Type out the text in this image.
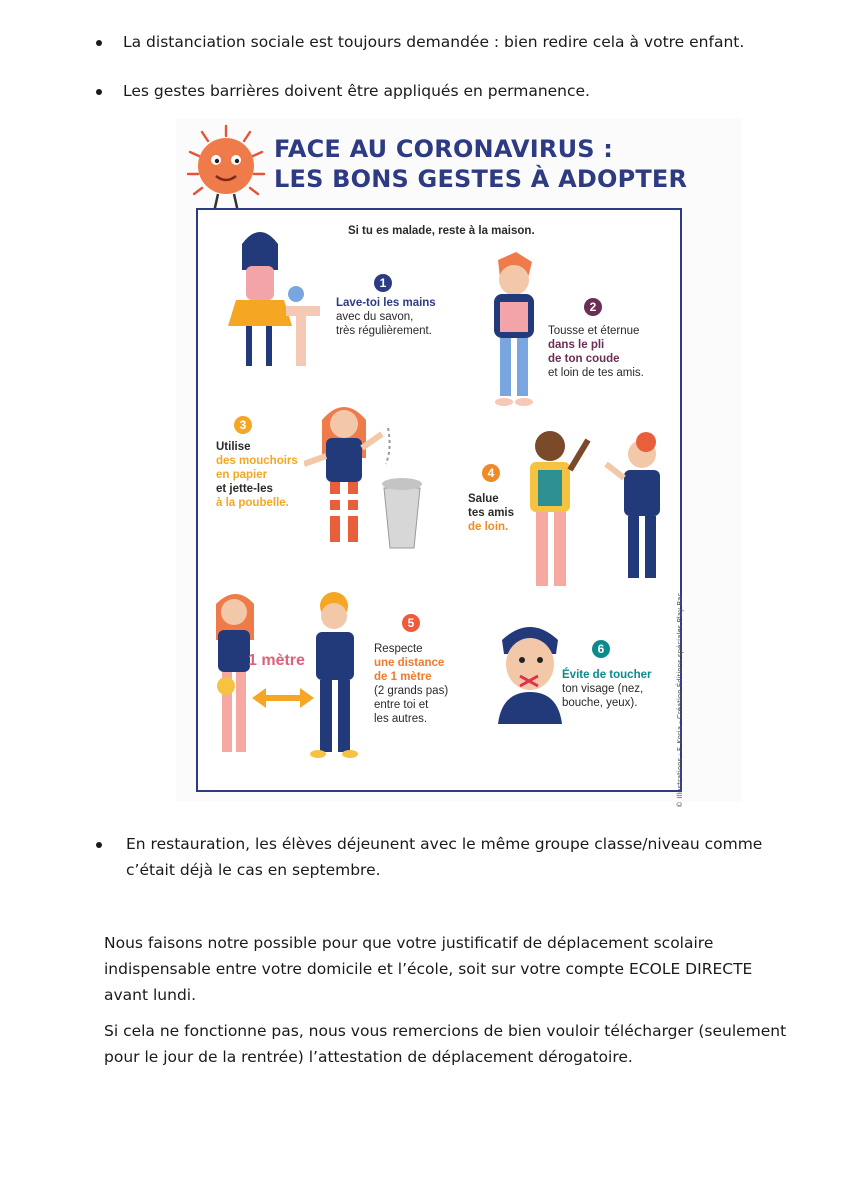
La distanciation sociale est toujours demandée : bien redire cela à votre enfant.
Les gestes barrières doivent être appliqués en permanence.
FACE AU CORONAVIRUS :
LES BONS GESTES À ADOPTER
Si tu es malade, reste à la maison.
1
Lave-toi les mains
avec du savon,
très régulièrement.
2
Tousse et éternue
dans le pli
de ton coude
et loin de tes amis.
3
Utilise
des mouchoirs
en papier
et jette-les
à la poubelle.
4
Salue
tes amis
de loin.
1 mètre
5
Respecte
une distance
de 1 mètre
(2 grands pas)
entre toi et
les autres.
6
Évite de toucher
ton visage (nez,
bouche, yeux).	© Illustrations : F. Koria - Création Éditions spéciales Play Bac
En restauration, les élèves déjeunent avec le même groupe classe/niveau comme
c’était déjà le cas en septembre.
Nous faisons notre possible pour que votre justificatif de déplacement scolaire
indispensable entre votre domicile et l’école, soit sur votre compte ECOLE DIRECTE
avant lundi.
Si cela ne fonctionne pas, nous vous remercions de bien vouloir télécharger (seulement
pour le jour de la rentrée) l’attestation de déplacement dérogatoire.
